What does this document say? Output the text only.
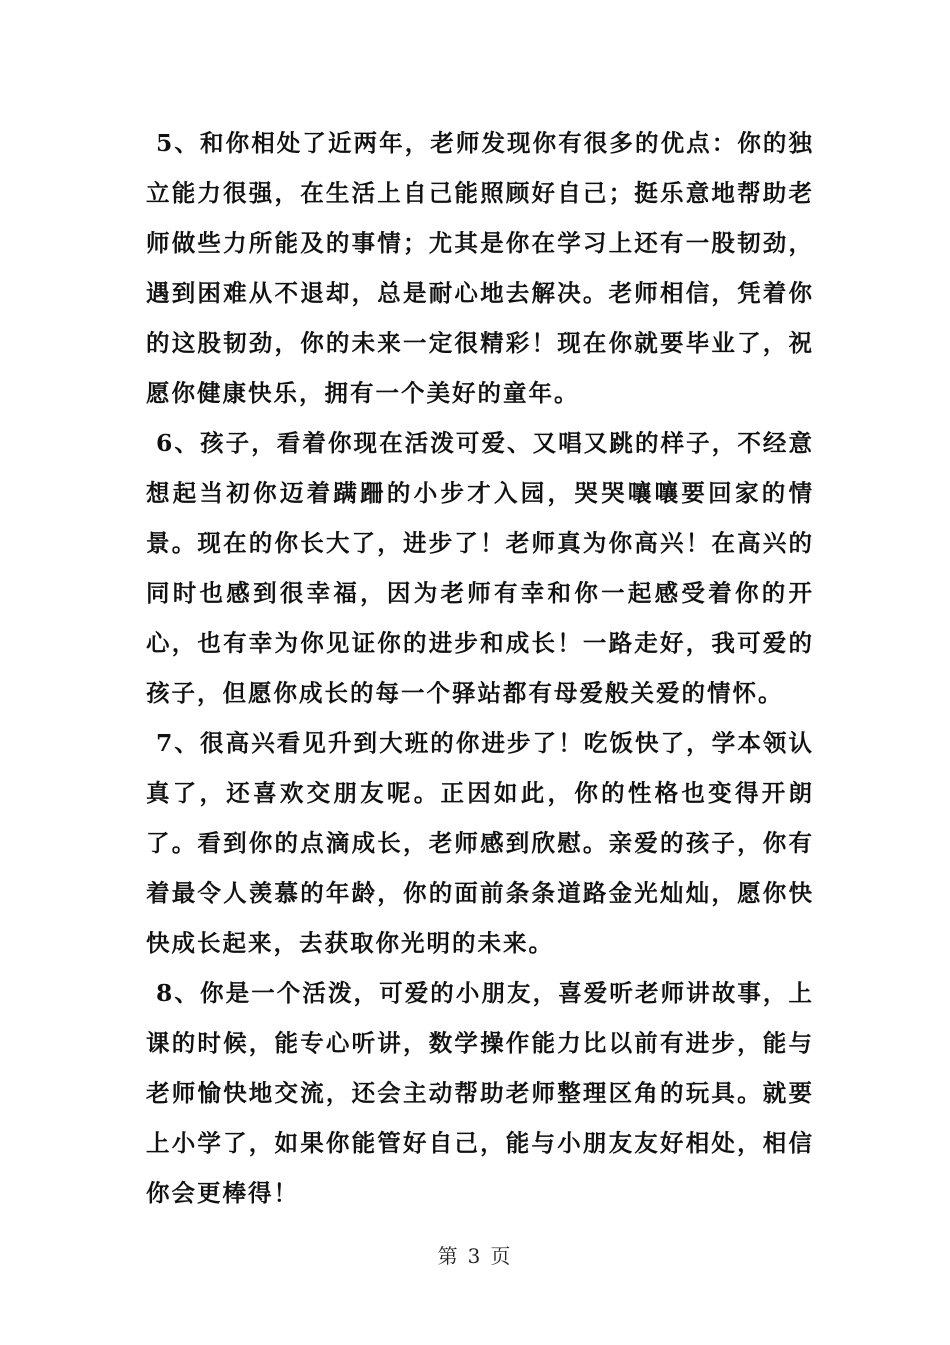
5、和你相处了近两年，老师发现你有很多的优点：你的独立能力很强，在生活上自己能照顾好自己；挺乐意地帮助老师做些力所能及的事情；尤其是你在学习上还有一股韧劲，遇到困难从不退却，总是耐心地去解决。老师相信，凭着你的这股韧劲，你的未来一定很精彩！现在你就要毕业了，祝愿你健康快乐，拥有一个美好的童年。

6、孩子，看着你现在活泼可爱、又唱又跳的样子，不经意想起当初你迈着蹒跚的小步才入园，哭哭嚷嚷要回家的情景。现在的你长大了，进步了！老师真为你高兴！在高兴的同时也感到很幸福，因为老师有幸和你一起感受着你的开心，也有幸为你见证你的进步和成长！一路走好，我可爱的孩子，但愿你成长的每一个驿站都有母爱般关爱的情怀。

7、很高兴看见升到大班的你进步了！吃饭快了，学本领认真了，还喜欢交朋友呢。正因如此，你的性格也变得开朗了。看到你的点滴成长，老师感到欣慰。亲爱的孩子，你有着最令人羡慕的年龄，你的面前条条道路金光灿灿，愿你快快成长起来，去获取你光明的未来。

8、你是一个活泼，可爱的小朋友，喜爱听老师讲故事，上课的时候，能专心听讲，数学操作能力比以前有进步，能与老师愉快地交流，还会主动帮助老师整理区角的玩具。就要上小学了，如果你能管好自己，能与小朋友友好相处，相信你会更棒得！

第 3 页
